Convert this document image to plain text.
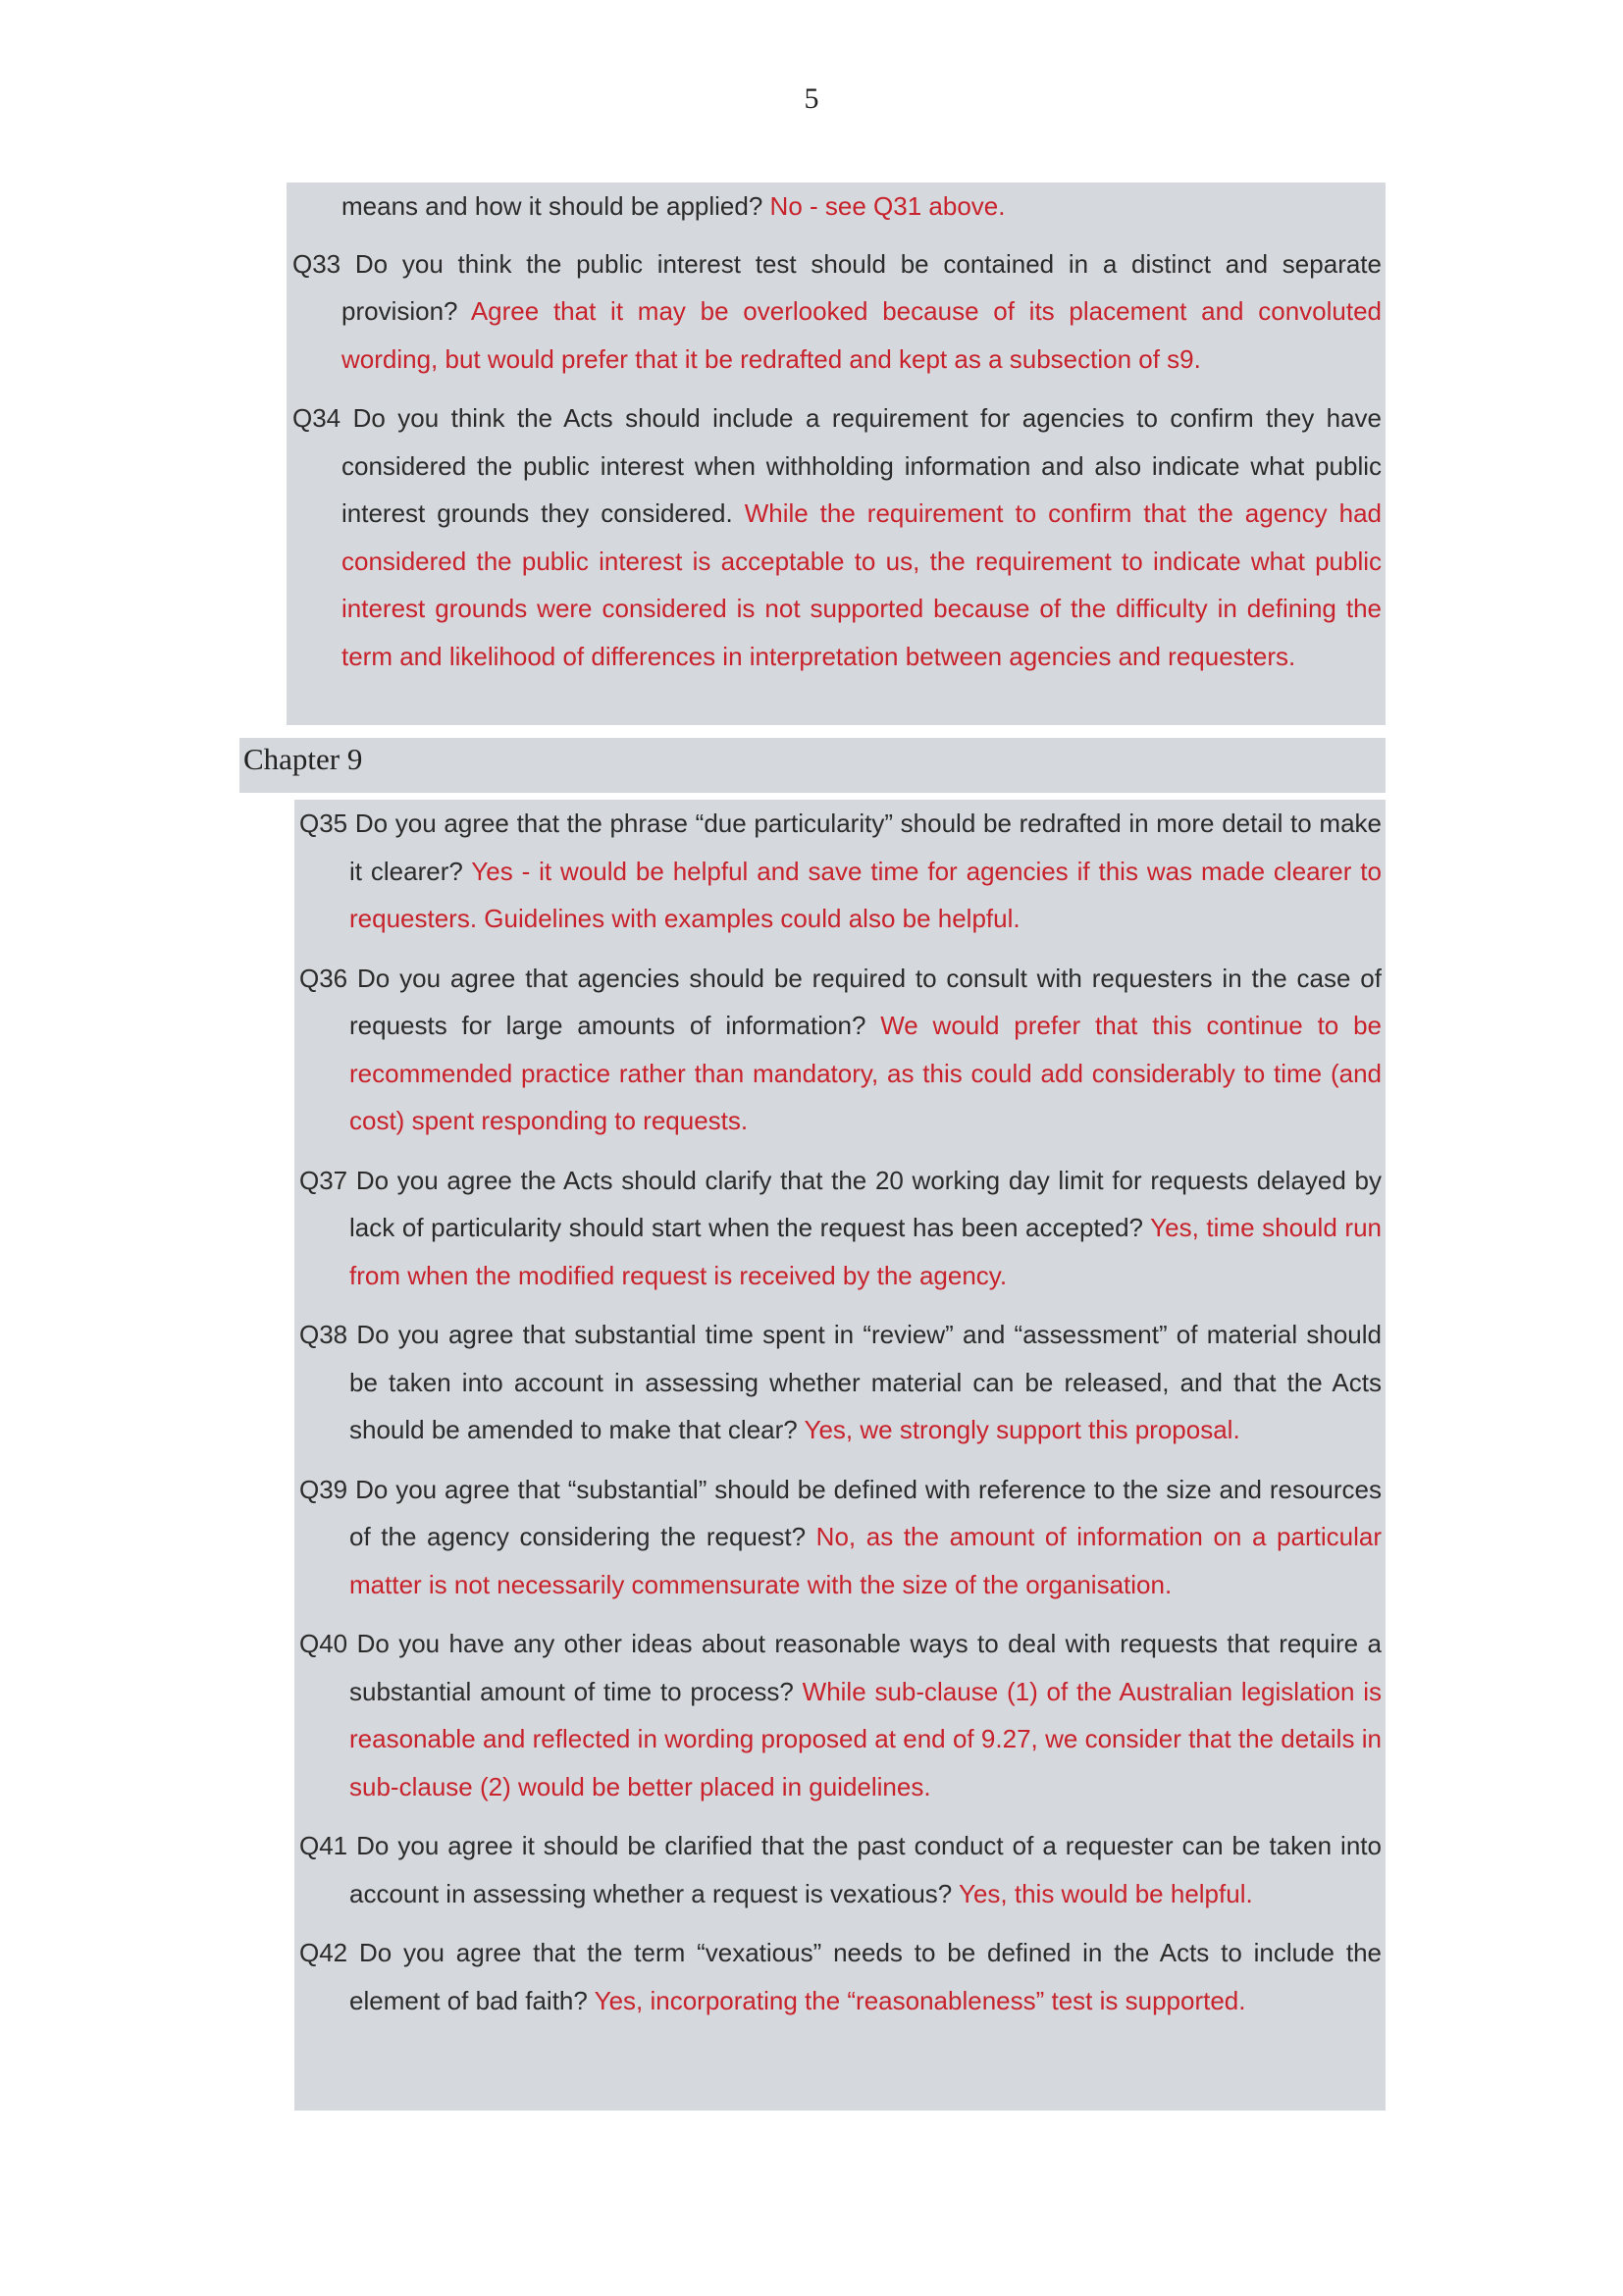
5
means and how it should be applied? No - see Q31 above.
Q33 Do you think the public interest test should be contained in a distinct and separate provision? Agree that it may be overlooked because of its placement and convoluted wording, but would prefer that it be redrafted and kept as a subsection of s9.
Q34 Do you think the Acts should include a requirement for agencies to confirm they have considered the public interest when withholding information and also indicate what public interest grounds they considered. While the requirement to confirm that the agency had considered the public interest is acceptable to us, the requirement to indicate what public interest grounds were considered is not supported because of the difficulty in defining the term and likelihood of differences in interpretation between agencies and requesters.
Chapter 9
Q35 Do you agree that the phrase “due particularity” should be redrafted in more detail to make it clearer? Yes - it would be helpful and save time for agencies if this was made clearer to requesters. Guidelines with examples could also be helpful.
Q36 Do you agree that agencies should be required to consult with requesters in the case of requests for large amounts of information? We would prefer that this continue to be recommended practice rather than mandatory, as this could add considerably to time (and cost) spent responding to requests.
Q37 Do you agree the Acts should clarify that the 20 working day limit for requests delayed by lack of particularity should start when the request has been accepted? Yes, time should run from when the modified request is received by the agency.
Q38 Do you agree that substantial time spent in “review” and “assessment” of material should be taken into account in assessing whether material can be released, and that the Acts should be amended to make that clear? Yes, we strongly support this proposal.
Q39 Do you agree that “substantial” should be defined with reference to the size and resources of the agency considering the request? No, as the amount of information on a particular matter is not necessarily commensurate with the size of the organisation.
Q40 Do you have any other ideas about reasonable ways to deal with requests that require a substantial amount of time to process? While sub-clause (1) of the Australian legislation is reasonable and reflected in wording proposed at end of 9.27, we consider that the details in sub-clause (2) would be better placed in guidelines.
Q41 Do you agree it should be clarified that the past conduct of a requester can be taken into account in assessing whether a request is vexatious? Yes, this would be helpful.
Q42 Do you agree that the term “vexatious” needs to be defined in the Acts to include the element of bad faith? Yes, incorporating the “reasonableness” test is supported.
